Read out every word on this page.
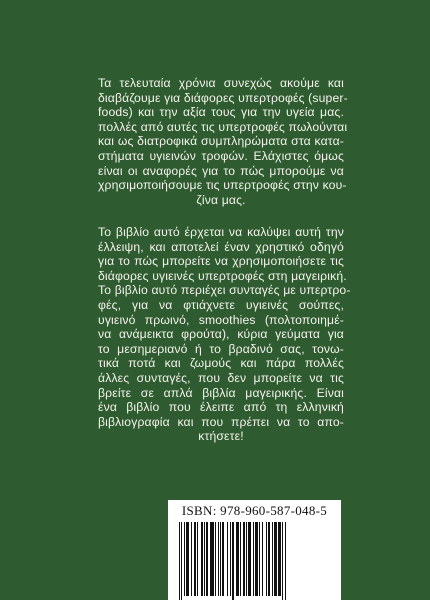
Τα τελευταία χρόνια συνεχώς ακούμε και
διαβάζουμε για διάφορες υπερτροφές (super-
foods) και την αξία τους για την υγεία μας.
πολλές από αυτές τις υπερτροφές πωλούνται
και ως διατροφικά συμπληρώματα στα κατα-
στήματα υγιεινών τροφών. Ελάχιστες όμως
είναι οι αναφορές για το πώς μπορούμε να
χρησιμοποιήσουμε τις υπερτροφές στην κου-
ζίνα μας.
Το βιβλίο αυτό έρχεται να καλύψει αυτή την
έλλειψη, και αποτελεί έναν χρηστικό οδηγό
για το πώς μπορείτε να χρησιμοποιήσετε τις
διάφορες υγιεινές υπερτροφές στη μαγειρική.
Το βιβλίο αυτό περιέχει συνταγές με υπερτρο-
φές, για να φτιάχνετε υγιεινές σούπες,
υγιεινό πρωινό, smoothies (πολτοποιημέ-
να ανάμεικτα φρούτα), κύρια γεύματα για
το μεσημεριανό ή το βραδινό σας, τονω-
τικά ποτά και ζωμούς και πάρα πολλές
άλλες συνταγές, που δεν μπορείτε να τις
βρείτε σε απλά βιβλία μαγειρικής. Είναι
ένα βιβλίο που έλειπε από τη ελληνική
βιβλιογραφία και που πρέπει να το απο-
κτήσετε!
ISBN: 978-960-587-048-5
